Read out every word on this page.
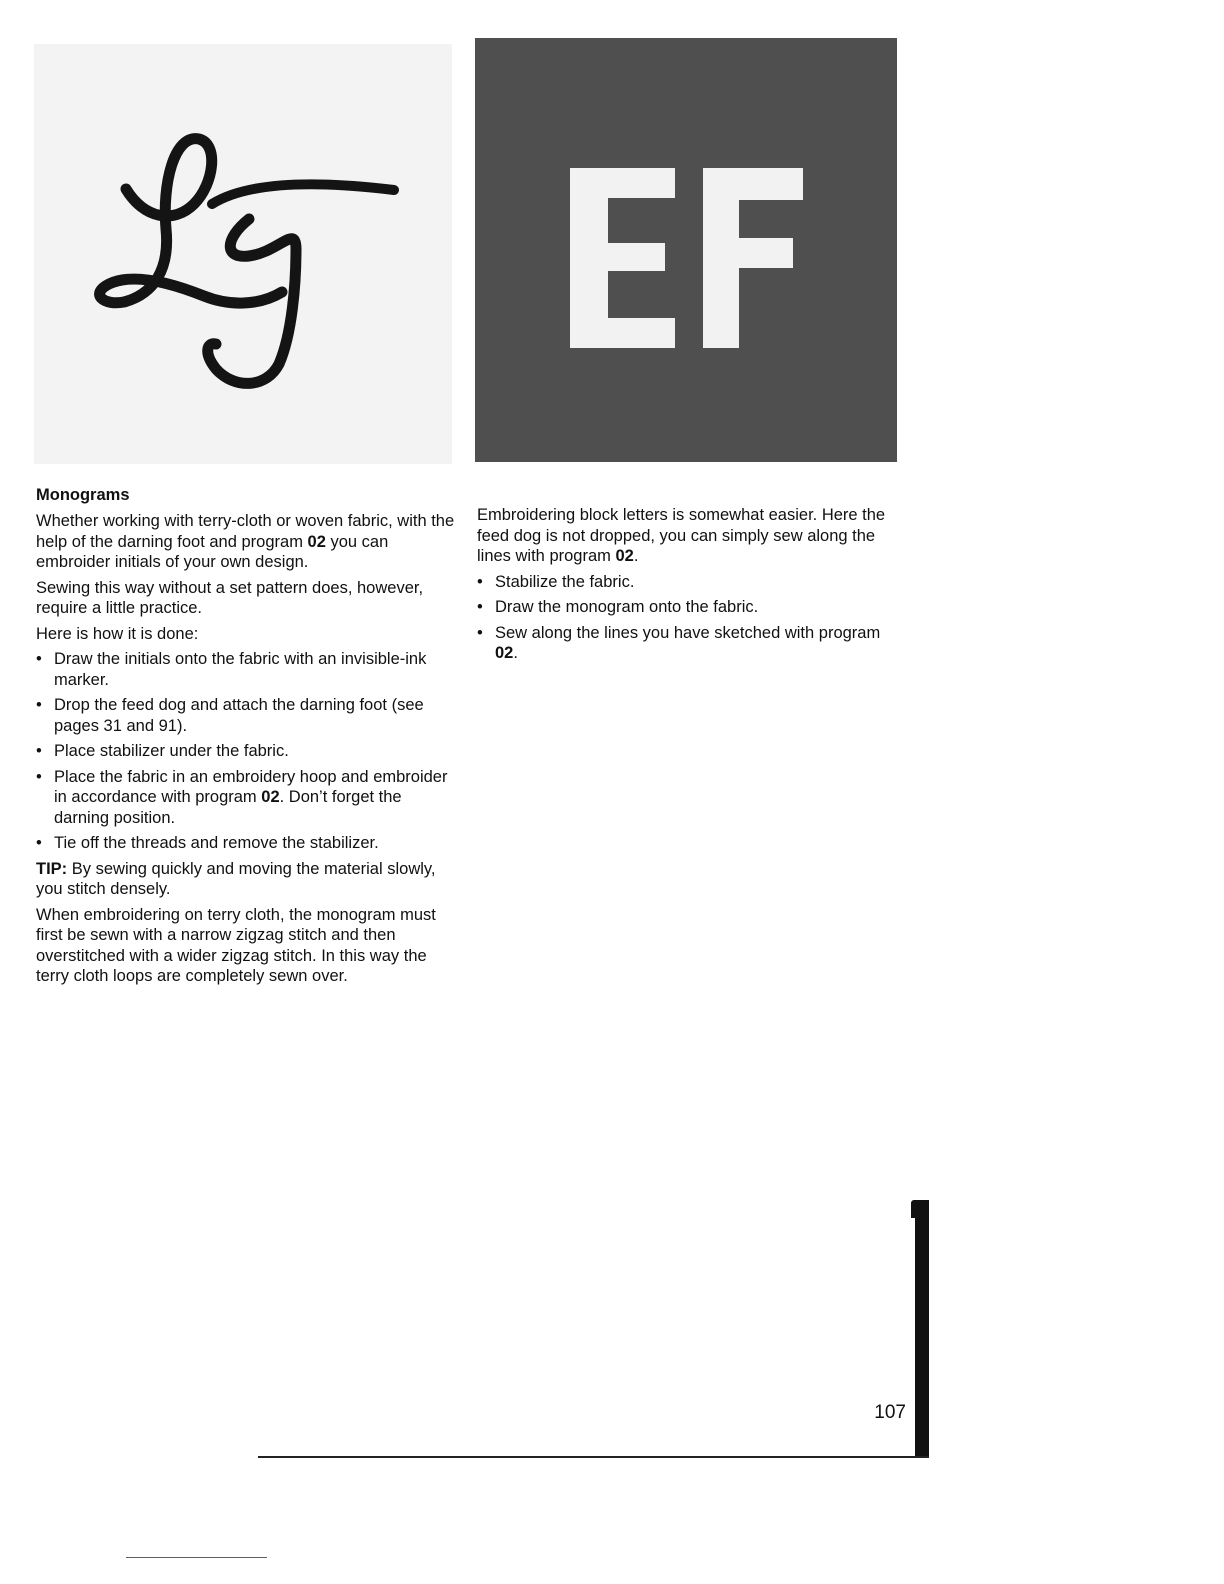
Monograms

Whether working with terry-cloth or woven fabric, with the help of the darning foot and program 02 you can embroider initials of your own design.

Sewing this way without a set pattern does, however, require a little practice.

Here is how it is done:

• Draw the initials onto the fabric with an invisible-ink marker.
• Drop the feed dog and attach the darning foot (see pages 31 and 91).
• Place stabilizer under the fabric.
• Place the fabric in an embroidery hoop and embroider in accordance with program 02. Don’t forget the darning position.
• Tie off the threads and remove the stabilizer.

TIP: By sewing quickly and moving the material slowly, you stitch densely.

When embroidering on terry cloth, the monogram must first be sewn with a narrow zigzag stitch and then overstitched with a wider zigzag stitch. In this way the terry cloth loops are completely sewn over.

Embroidering block letters is somewhat easier. Here the feed dog is not dropped, you can simply sew along the lines with program 02.

• Stabilize the fabric.
• Draw the monogram onto the fabric.
• Sew along the lines you have sketched with program 02.
107
